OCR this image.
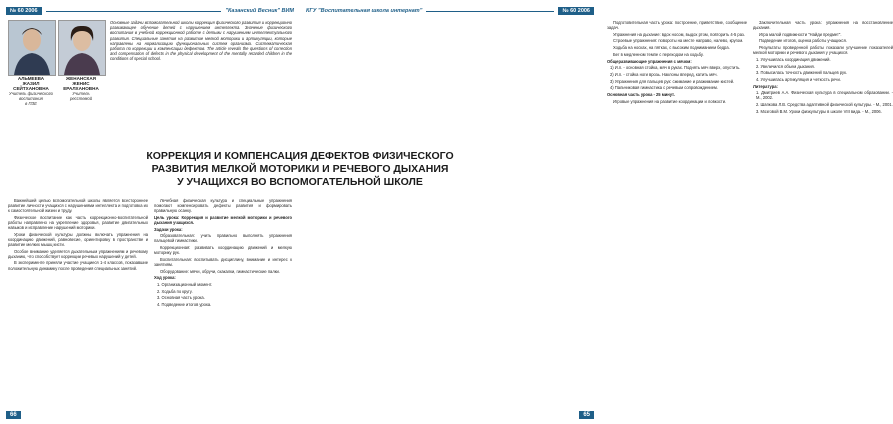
№ 60 2006	"Казанский Весник" ВИМ
АЛЬМЕЕВА
ЖАЗИЛ
СЕЙТХАНОВНА
Учитель физического воспитания
в ПЗЕ
ЖЕНАНСКАЯ
ЖЕНИС
ЕРАЛХАНОВНА
Учитель
ресстемой
Основные задачи вспомогательной школы коррекция физического развития и коррекционно развивающее обучение детей с нарушением интеллекта. Значение физического воспитания в учебной коррекционной работе с детьми с нарушением интеллектуального развития. Специальные занятия на развитие мелкой моторики и артикуляции, которые направлены на нормализацию функциональных систем организма. Систематическая работа по коррекции и компенсации дефектов. The article reveals the questions of correction and compensation of defects in the physical development of the mentally retarded children in the conditions of special school.

Важнейшей целью вспомогательной школы является всестороннее развитие личности учащихся с нарушениями интеллекта и подготовка их к самостоятельной жизни и труду.

Физическое воспитание как часть коррекционно-воспитательной работы направлено на укрепление здоровья, развитие двигательных навыков и исправление нарушений моторики.

Уроки физической культуры должны включать упражнения на координацию движений, равновесие, ориентировку в пространстве и развитие мелких мышц кисти.

Особое внимание уделяется дыхательным упражнениям и речевому дыханию, что способствует коррекции речевых нарушений у детей.

В эксперименте приняли участие учащиеся 1-4 классов, показавшие положительную динамику после проведения специальных занятий.

Лечебная физическая культура и специальные упражнения помогают компенсировать дефекты развития и формировать правильную осанку.

Цель урока: Коррекция и развитие мелкой моторики и речевого дыхания учащихся.

Задачи урока:

Образовательная: учить правильно выполнять упражнения пальцевой гимнастики.

Коррекционная: развивать координацию движений и мелкую моторику рук.

Воспитательная: воспитывать дисциплину, внимание и интерес к занятиям.

Оборудование: мячи, обручи, скакалки, гимнастические палки.

Ход урока:

1. Организационный момент.

2. Ходьба по кругу.

3. Основная часть урока.

4. Подведение итогов урока.

66
КГУ "Воспитательная школа интернат"	№ 60 2006

Подготовительная часть урока: построение, приветствие, сообщение задач.

Упражнения на дыхание: вдох носом, выдох ртом, повторить 4-5 раз.

Строевые упражнения: повороты на месте направо, налево, кругом.

Ходьба на носках, на пятках, с высоким подниманием бедра.

Бег в медленном темпе с переходом на ходьбу.

Общеразвивающие упражнения с мячом:

1) И.п. - основная стойка, мяч в руках. Поднять мяч вверх, опустить.

2) И.п. - стойка ноги врозь. Наклоны вперед, катить мяч.

3) Упражнения для пальцев рук: сжимание и разжимание кистей.

4) Пальчиковая гимнастика с речевым сопровождением.

Основная часть урока - 25 минут.

Игровые упражнения на развитие координации и ловкости.

Заключительная часть урока: упражнения на восстановление дыхания.

Игра малой подвижности "Найди предмет".

Подведение итогов, оценка работы учащихся.

Результаты проведенной работы показали улучшение показателей мелкой моторики и речевого дыхания у учащихся.

1. Улучшилась координация движений.

2. Увеличился объем дыхания.

3. Повысилась точность движений пальцев рук.

4. Улучшилась артикуляция и четкость речи.

Литература:

1. Дмитриев А.А. Физическая культура в специальном образовании. - М., 2002.

2. Шапкова Л.В. Средства адаптивной физической культуры. - М., 2001.

3. Мозговой В.М. Уроки физкультуры в школе VIII вида. - М., 2006.

65
КОРРЕКЦИЯ И КОМПЕНСАЦИЯ ДЕФЕКТОВ ФИЗИЧЕСКОГО
РАЗВИТИЯ МЕЛКОЙ МОТОРИКИ И РЕЧЕВОГО ДЫХАНИЯ
У УЧАЩИХСЯ ВО ВСПОМОГАТЕЛЬНОЙ ШКОЛЕ
